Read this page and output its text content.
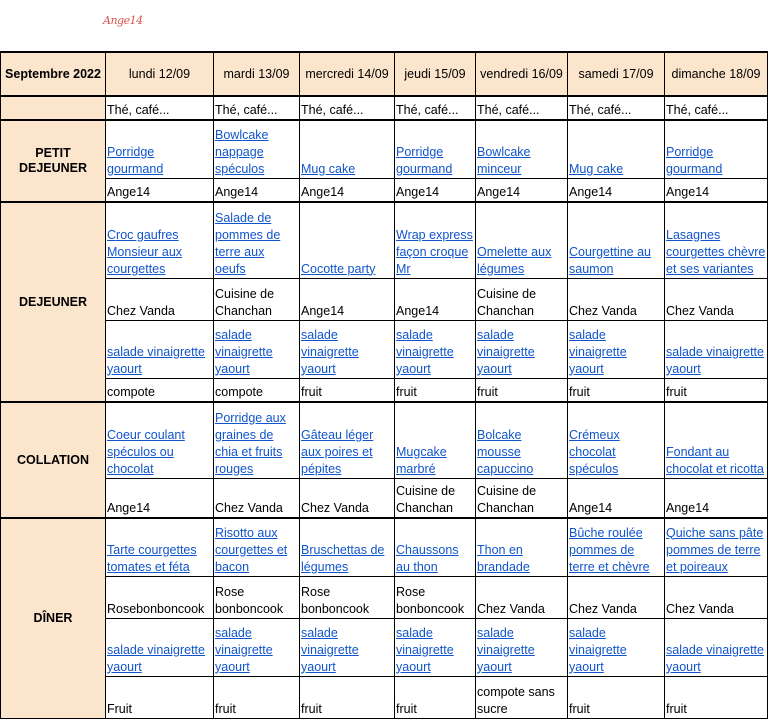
Ange14
Septembre 2022	lundi 12/09	mardi 13/09	mercredi 14/09	jeudi 15/09	vendredi 16/09	samedi 17/09	dimanche 18/09
	Thé, café...	Thé, café...	Thé, café...	Thé, café...	Thé, café...	Thé, café...	Thé, café...
PETIT DEJEUNER	Porridge gourmand	Bowlcake nappage spéculos	Mug cake	Porridge gourmand	Bowlcake minceur	Mug cake	Porridge gourmand
	Ange14	Ange14	Ange14	Ange14	Ange14	Ange14	Ange14
DEJEUNER	Croc gaufres Monsieur aux courgettes	Salade de pommes de terre aux oeufs	Cocotte party	Wrap express façon croque Mr	Omelette aux légumes	Courgettine au saumon	Lasagnes courgettes chèvre et ses variantes
	Chez Vanda	Cuisine de Chanchan	Ange14	Ange14	Cuisine de Chanchan	Chez Vanda	Chez Vanda
	salade vinaigrette yaourt	salade vinaigrette yaourt	salade vinaigrette yaourt	salade vinaigrette yaourt	salade vinaigrette yaourt	salade vinaigrette yaourt	salade vinaigrette yaourt
	compote	compote	fruit	fruit	fruit	fruit	fruit
COLLATION	Coeur coulant spéculos ou chocolat	Porridge aux graines de chia et fruits rouges	Gâteau léger aux poires et pépites	Mugcake marbré	Bolcake mousse capuccino	Crémeux chocolat spéculos	Fondant au chocolat et ricotta
	Ange14	Chez Vanda	Chez Vanda	Cuisine de Chanchan	Cuisine de Chanchan	Ange14	Ange14
DÎNER	Tarte courgettes tomates et féta	Risotto aux courgettes et bacon	Bruschettas de légumes	Chaussons au thon	Thon en brandade	Bûche roulée pommes de terre et chèvre	Quiche sans pâte pommes de terre et poireaux
	Rosebonboncook	Rose bonboncook	Rose bonboncook	Rose bonboncook	Chez Vanda	Chez Vanda	Chez Vanda
	salade vinaigrette yaourt	salade vinaigrette yaourt	salade vinaigrette yaourt	salade vinaigrette yaourt	salade vinaigrette yaourt	salade vinaigrette yaourt	salade vinaigrette yaourt
	Fruit	fruit	fruit	fruit	compote sans sucre	fruit	fruit
